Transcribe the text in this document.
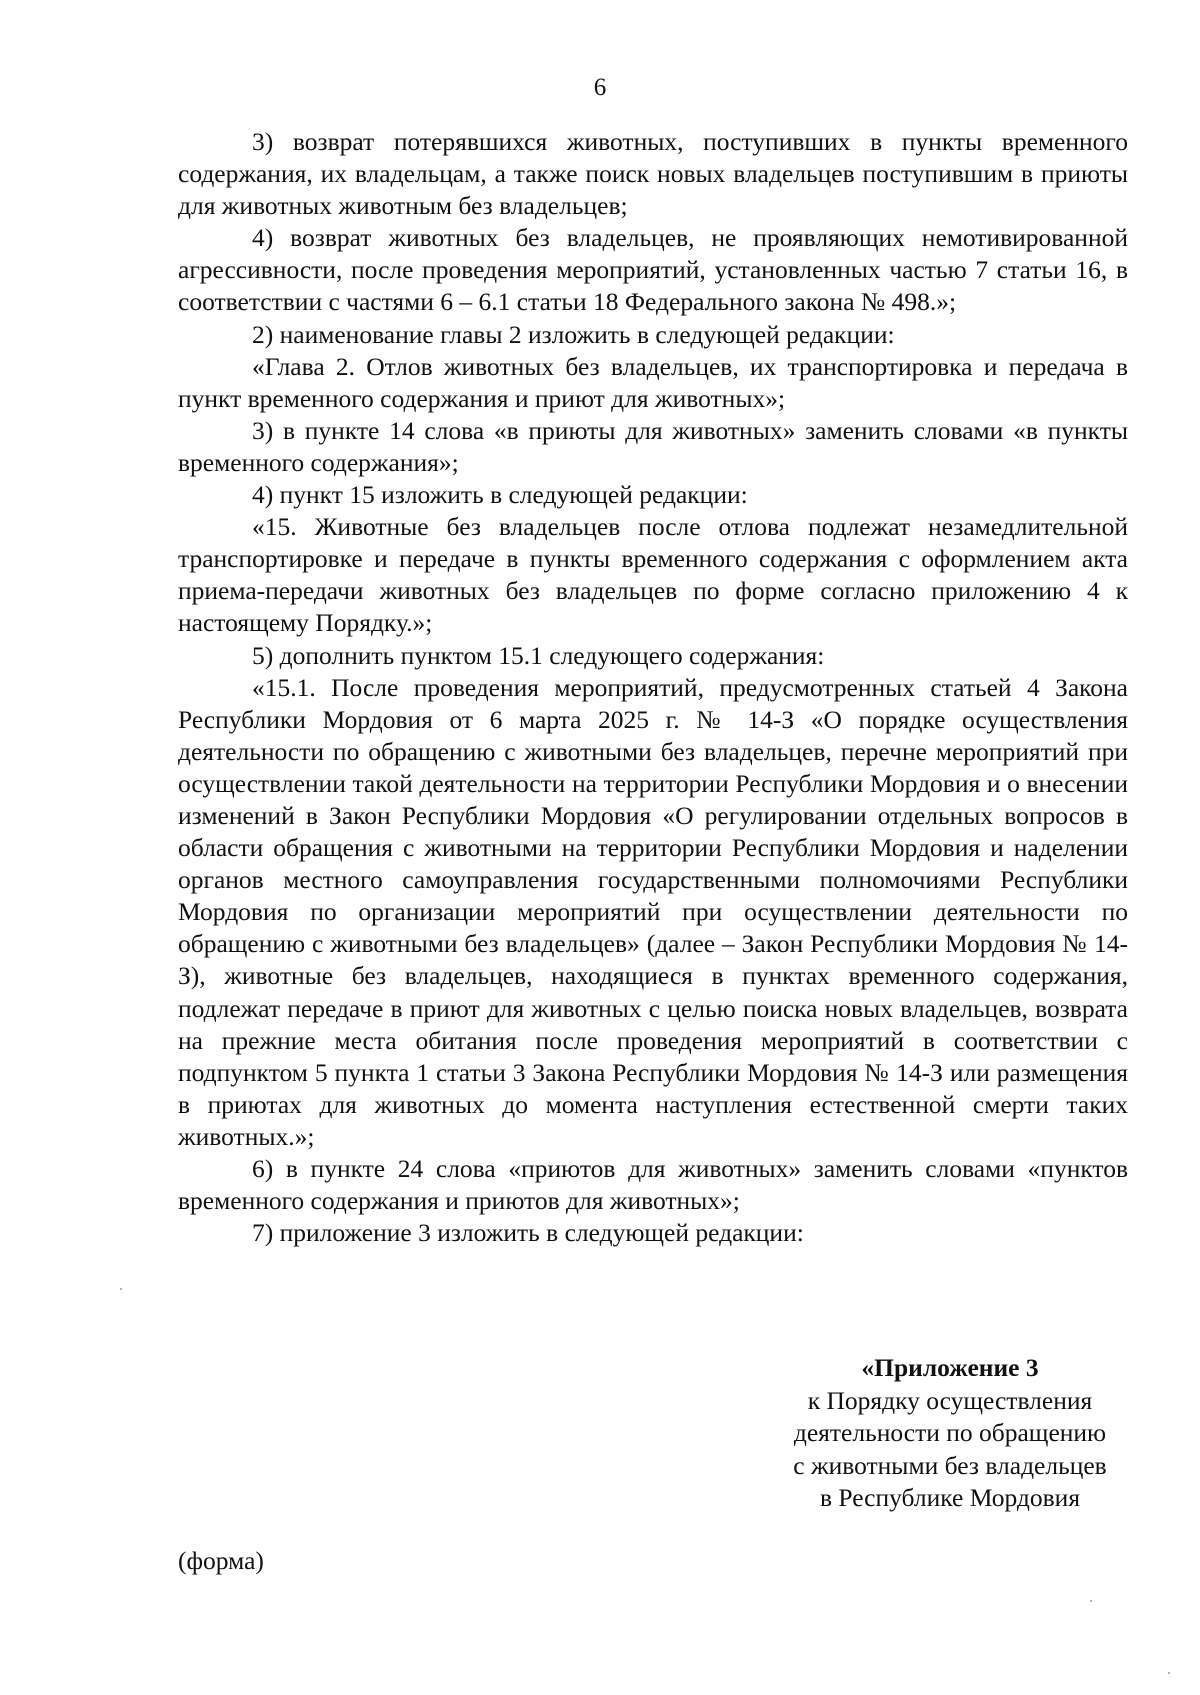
6

3) возврат потерявшихся животных, поступивших в пункты временного содержания, их владельцам, а также поиск новых владельцев поступившим в приюты для животных животным без владельцев;

4) возврат животных без владельцев, не проявляющих немотивированной агрессивности, после проведения мероприятий, установленных частью 7 статьи 16, в соответствии с частями 6 – 6.1 статьи 18 Федерального закона № 498.»;

2) наименование главы 2 изложить в следующей редакции:

«Глава 2. Отлов животных без владельцев, их транспортировка и передача в пункт временного содержания и приют для животных»;

3) в пункте 14 слова «в приюты для животных» заменить словами «в пункты временного содержания»;

4) пункт 15 изложить в следующей редакции:

«15. Животные без владельцев после отлова подлежат незамедлительной транспортировке и передаче в пункты временного содержания с оформлением акта приема-передачи животных без владельцев по форме согласно приложению 4 к настоящему Порядку.»;

5) дополнить пунктом 15.1 следующего содержания:

«15.1. После проведения мероприятий, предусмотренных статьей 4 Закона Республики Мордовия от 6 марта 2025 г. № 14-З «О порядке осуществления деятельности по обращению с животными без владельцев, перечне мероприятий при осуществлении такой деятельности на территории Республики Мордовия и о внесении изменений в Закон Республики Мордовия «О регулировании отдельных вопросов в области обращения с животными на территории Республики Мордовия и наделении органов местного самоуправления государственными полномочиями Республики Мордовия по организации мероприятий при осуществлении деятельности по обращению с животными без владельцев» (далее – Закон Республики Мордовия № 14-З), животные без владельцев, находящиеся в пунктах временного содержания, подлежат передаче в приют для животных с целью поиска новых владельцев, возврата на прежние места обитания после проведения мероприятий в соответствии с подпунктом 5 пункта 1 статьи 3 Закона Республики Мордовия № 14-З или размещения в приютах для животных до момента наступления естественной смерти таких животных.»;

6) в пункте 24 слова «приютов для животных» заменить словами «пунктов временного содержания и приютов для животных»;

7) приложение 3 изложить в следующей редакции:

«Приложение 3
к Порядку осуществления
деятельности по обращению
с животными без владельцев
в Республике Мордовия
(форма)
